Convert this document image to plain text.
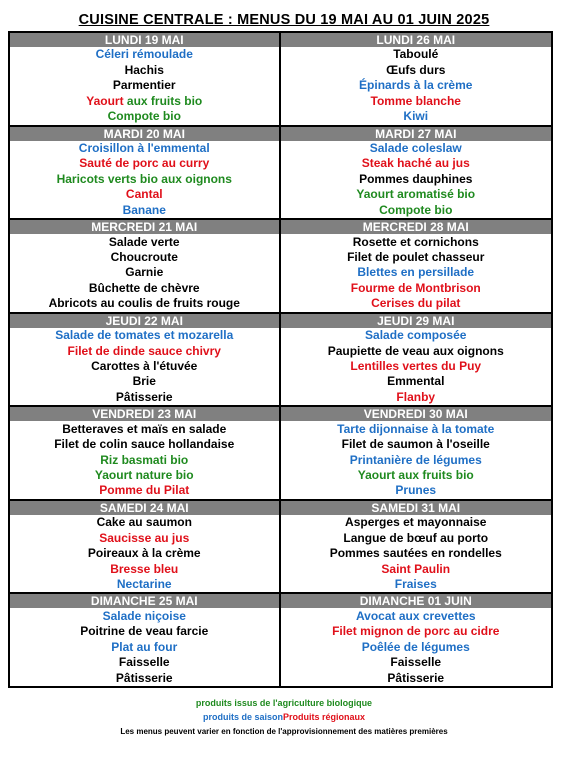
CUISINE CENTRALE : MENUS DU 19 MAI AU 01 JUIN 2025
LUNDI 19 MAI
Céleri rémoulade
Hachis
Parmentier
Yaourt aux fruits bio
Compote bio
MARDI 20 MAI
Croisillon à l'emmental
Sauté de porc au curry
Haricots verts bio aux oignons
Cantal
Banane
MERCREDI 21 MAI
Salade verte
Choucroute
Garnie
Bûchette de chèvre
Abricots au coulis de fruits rouge
JEUDI 22 MAI
Salade de tomates et mozarella
Filet de dinde sauce chivry
Carottes à l'étuvée
Brie
Pâtisserie
VENDREDI 23 MAI
Betteraves et maïs en salade
Filet de colin sauce hollandaise
Riz basmati bio
Yaourt nature bio
Pomme du Pilat
SAMEDI 24 MAI
Cake au saumon
Saucisse au jus
Poireaux à la crème
Bresse bleu
Nectarine
DIMANCHE 25 MAI
Salade niçoise
Poitrine de veau farcie
Plat au four
Faisselle
Pâtisserie
LUNDI 26 MAI
Taboulé
Œufs durs
Épinards à la crème
Tomme blanche
Kiwi
MARDI 27 MAI
Salade coleslaw
Steak haché au jus
Pommes dauphines
Yaourt aromatisé bio
Compote bio
MERCREDI 28 MAI
Rosette et cornichons
Filet de poulet chasseur
Blettes en persillade
Fourme de Montbrison
Cerises du pilat
JEUDI 29 MAI
Salade composée
Paupiette de veau aux oignons
Lentilles vertes du Puy
Emmental
Flanby
VENDREDI 30 MAI
Tarte dijonnaise à la tomate
Filet de saumon à l'oseille
Printanière de légumes
Yaourt aux fruits bio
Prunes
SAMEDI 31 MAI
Asperges et mayonnaise
Langue de bœuf au porto
Pommes sautées en rondelles
Saint Paulin
Fraises
DIMANCHE 01 JUIN
Avocat aux crevettes
Filet mignon de porc au cidre
Poêlée de légumes
Faisselle
Pâtisserie
produits issus de l'agriculture biologique
produits de saisonProduits régionaux
Les menus peuvent varier en fonction de l'approvisionnement des matières premières
